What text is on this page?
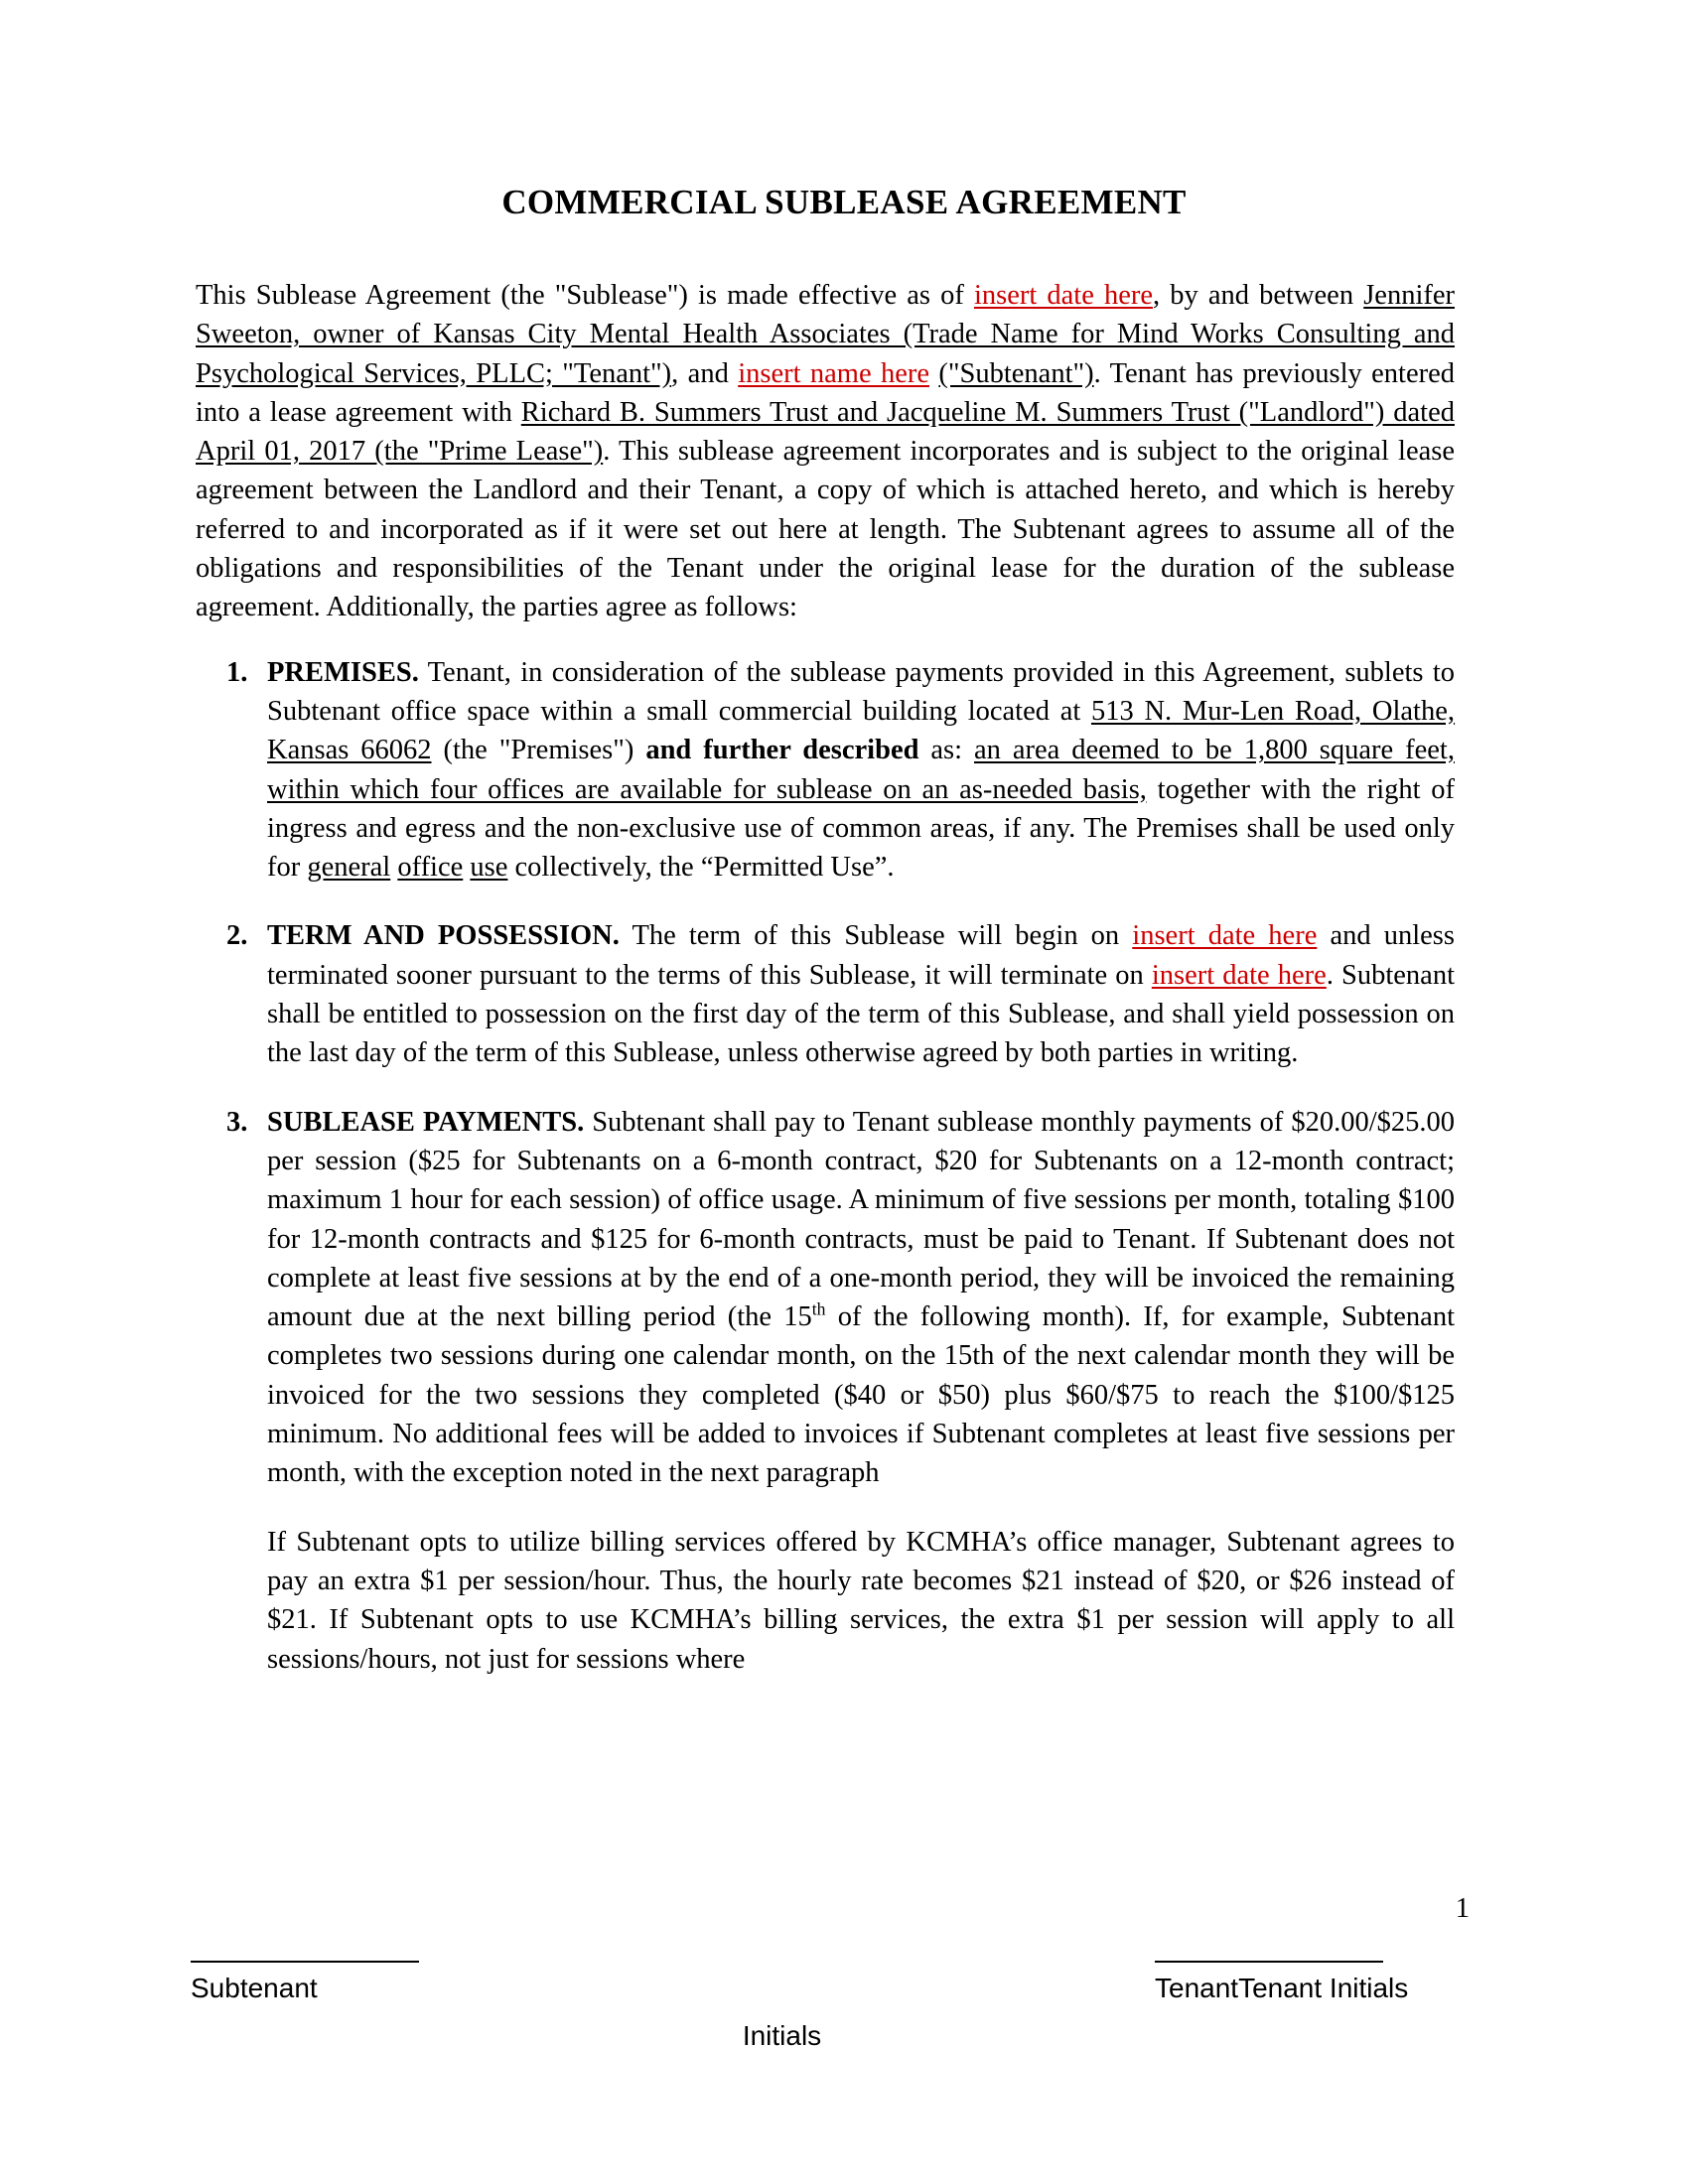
COMMERCIAL SUBLEASE AGREEMENT

This Sublease Agreement (the "Sublease") is made effective as of insert date here, by and between Jennifer Sweeton, owner of Kansas City Mental Health Associates (Trade Name for Mind Works Consulting and Psychological Services, PLLC; "Tenant"), and insert name here ("Subtenant"). Tenant has previously entered into a lease agreement with Richard B. Summers Trust and Jacqueline M. Summers Trust ("Landlord") dated April 01, 2017 (the "Prime Lease"). This sublease agreement incorporates and is subject to the original lease agreement between the Landlord and their Tenant, a copy of which is attached hereto, and which is hereby referred to and incorporated as if it were set out here at length. The Subtenant agrees to assume all of the obligations and responsibilities of the Tenant under the original lease for the duration of the sublease agreement. Additionally, the parties agree as follows:

PREMISES. Tenant, in consideration of the sublease payments provided in this Agreement, sublets to Subtenant office space within a small commercial building located at 513 N. Mur-Len Road, Olathe, Kansas 66062 (the "Premises") and further described as: an area deemed to be 1,800 square feet, within which four offices are available for sublease on an as-needed basis, together with the right of ingress and egress and the non-exclusive use of common areas, if any. The Premises shall be used only for general office use collectively, the “Permitted Use”.
TERM AND POSSESSION. The term of this Sublease will begin on insert date here and unless terminated sooner pursuant to the terms of this Sublease, it will terminate on insert date here. Subtenant shall be entitled to possession on the first day of the term of this Sublease, and shall yield possession on the last day of the term of this Sublease, unless otherwise agreed by both parties in writing.

SUBLEASE PAYMENTS. Subtenant shall pay to Tenant sublease monthly payments of $20.00/$25.00 per session ($25 for Subtenants on a 6-month contract, $20 for Subtenants on a 12-month contract; maximum 1 hour for each session) of office usage. A minimum of five sessions per month, totaling $100 for 12-month contracts and $125 for 6-month contracts, must be paid to Tenant. If Subtenant does not complete at least five sessions at by the end of a one-month period, they will be invoiced the remaining amount due at the next billing period (the 15th of the following month). If, for example, Subtenant completes two sessions during one calendar month, on the 15th of the next calendar month they will be invoiced for the two sessions they completed ($40 or $50) plus $60/$75 to reach the $100/$125 minimum. No additional fees will be added to invoices if Subtenant completes at least five sessions per month, with the exception noted in the next paragraph

If Subtenant opts to utilize billing services offered by KCMHA’s office manager, Subtenant agrees to pay an extra $1 per session/hour. Thus, the hourly rate becomes $21 instead of $20, or $26 instead of $21. If Subtenant opts to use KCMHA’s billing services, the extra $1 per session will apply to all sessions/hours, not just for sessions where

1
Subtenant	TenantTenant Initials
Initials
